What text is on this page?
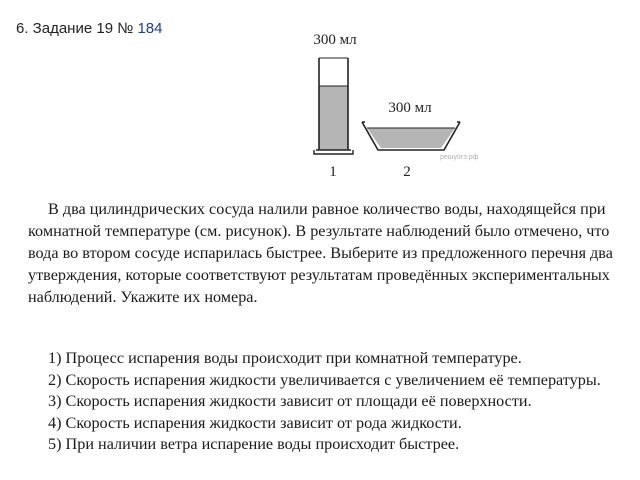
6. Задание 19 № 184
300 мл
1
300 мл
решуогэ.рф
2

В два цилиндрических сосуда налили равное количество воды, находящейся при комнатной температуре (см. рисунок). В результате наблюдений было отмечено, что вода во втором сосуде испарилась быстрее. Выберите из предложенного перечня два утверждения, которые соответствуют результатам проведённых экспериментальных наблюдений. Укажите их номера.

1) Процесс испарения воды происходит при комнатной температуре.

2) Скорость испарения жидкости увеличивается с увеличением её температуры.

3) Скорость испарения жидкости зависит от площади её поверхности.

4) Скорость испарения жидкости зависит от рода жидкости.

5) При наличии ветра испарение воды происходит быстрее.
